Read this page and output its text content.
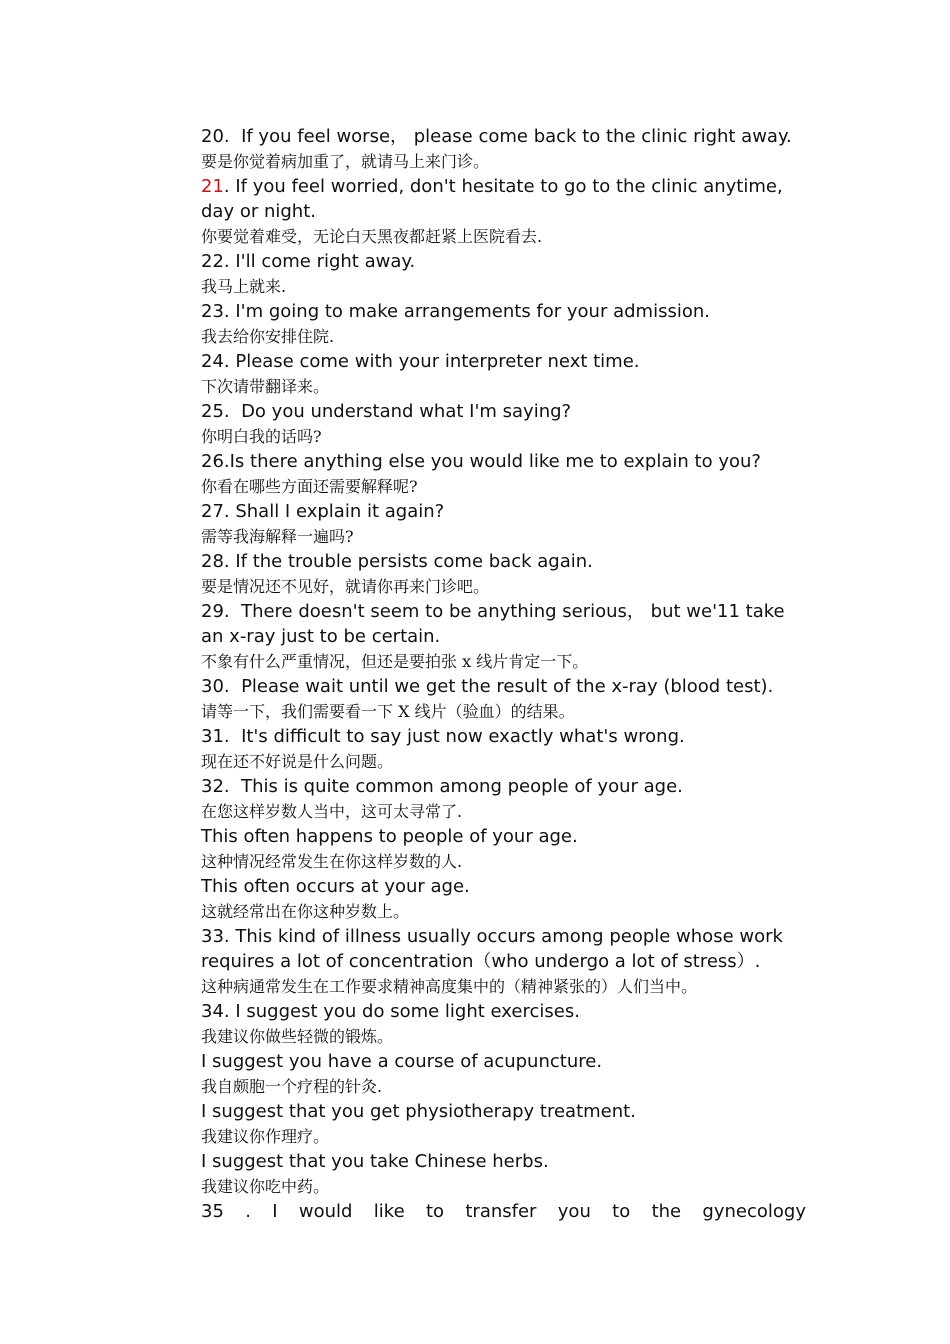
20.  If you feel worse， please come back to the clinic right away.

要是你觉着病加重了，就请马上来门诊。

21. If you feel worried, don't hesitate to go to the clinic anytime, day or night.

你要觉着难受，无论白天黑夜都赶紧上医院看去.

22. I'll come right away.

我马上就来.

23. I'm going to make arrangements for your admission.

我去给你安排住院.

24. Please come with your interpreter next time.

下次请带翻译来。

25.  Do you understand what I'm saying?

你明白我的话吗?

26.Is there anything else you would like me to explain to you?

你看在哪些方面还需要解释呢?

27. Shall I explain it again?

需等我海解释一遍吗?

28. If the trouble persists come back again.

要是情况还不见好，就请你再来门诊吧。

29.  There doesn't seem to be anything serious， but we'11 take an x-ray just to be certain.

不象有什么严重情况，但还是要拍张 x 线片肯定一下。

30.  Please wait until we get the result of the x-ray (blood test).

请等一下，我们需要看一下 X 线片（验血）的结果。

31.  It's difficult to say just now exactly what's wrong.

现在还不好说是什么问题。

32.  This is quite common among people of your age.

在您这样岁数人当中，这可太寻常了.

This often happens to people of your age.

这种情况经常发生在你这样岁数的人.

This often occurs at your age.

这就经常出在你这种岁数上。

33. This kind of illness usually occurs among people whose work requires a lot of concentration（who undergo a lot of stress）.

这种病通常发生在工作要求精神高度集中的（精神紧张的）人们当中。

34. I suggest you do some light exercises.

我建议你做些轻微的锻炼。

I suggest you have a course of acupuncture.

我自颇胞一个疗程的针灸.

I suggest that you get physiotherapy treatment.

我建议你作理疗。

I suggest that you take Chinese herbs.

我建议你吃中药。

35 . I would like to transfer you to the gynecology
